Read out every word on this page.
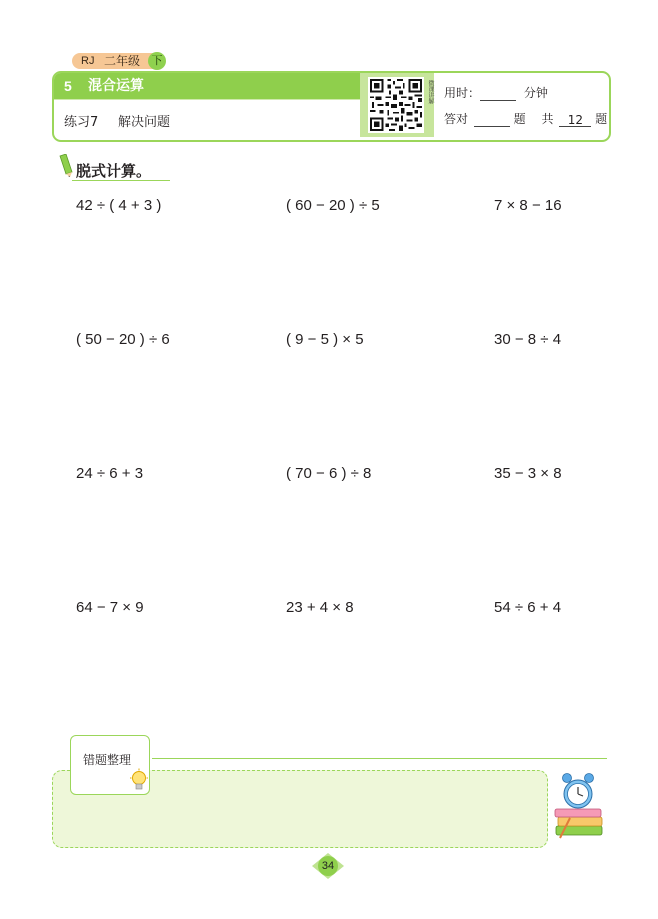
RJ 二年级	下
5 混合运算
练习7 解决问题
微课讲解 用时：	分钟
答对	题 共 12 题
脱式计算。
42 ÷ ( 4 + 3 )	( 60 − 20 ) ÷ 5	7 × 8 − 16
( 50 − 20 ) ÷ 6	( 9 − 5 ) × 5	30 − 8 ÷ 4
24 ÷ 6 + 3	( 70 − 6 ) ÷ 8	35 − 3 × 8
64 − 7 × 9	23 + 4 × 8	54 ÷ 6 + 4
错题整理
34
